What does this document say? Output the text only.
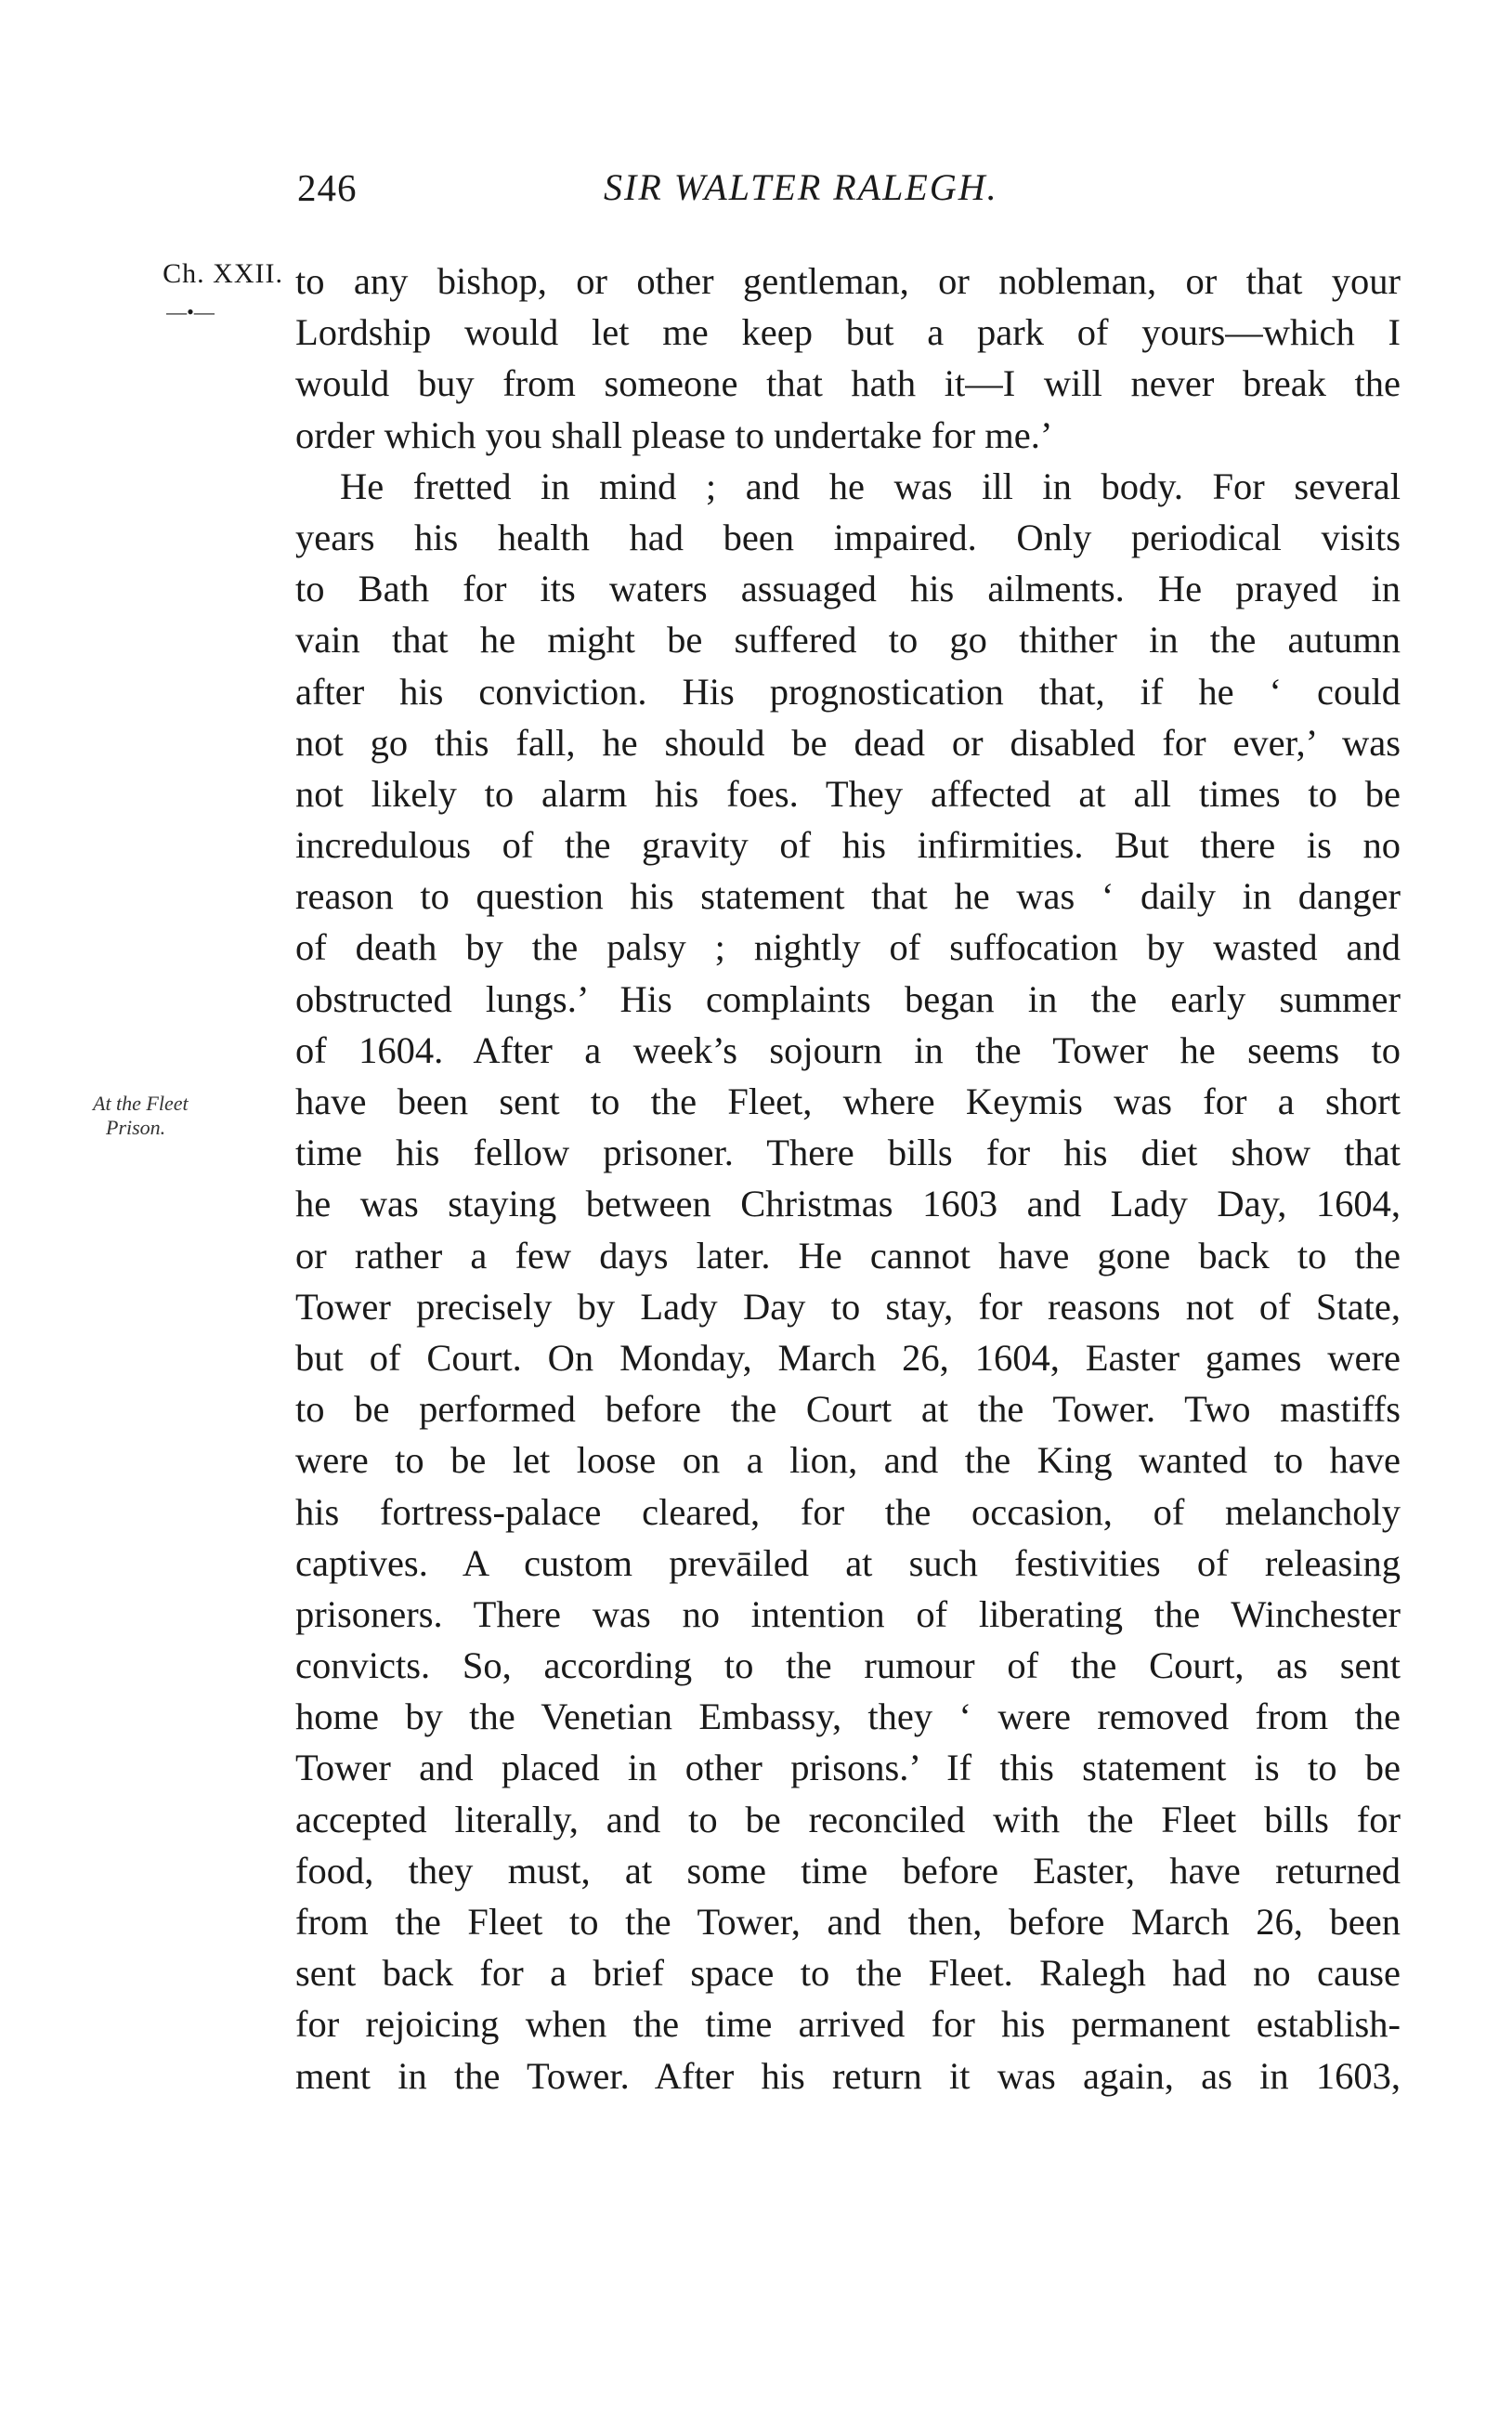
246	SIR WALTER RALEGH.
Ch. XXII.
—•—
At the Fleet
Prison.
to any bishop, or other gentleman, or nobleman, or that your
Lordship would let me keep but a park of yours—which I
would buy from someone that hath it—I will never break the
order which you shall please to undertake for me.’
He fretted in mind ; and he was ill in body. For several
years his health had been impaired. Only periodical visits
to Bath for its waters assuaged his ailments. He prayed in
vain that he might be suffered to go thither in the autumn
after his conviction. His prognostication that, if he ‘ could
not go this fall, he should be dead or disabled for ever,’ was
not likely to alarm his foes. They affected at all times to be
incredulous of the gravity of his infirmities. But there is no
reason to question his statement that he was ‘ daily in danger
of death by the palsy ; nightly of suffocation by wasted and
obstructed lungs.’ His complaints began in the early summer
of 1604. After a week’s sojourn in the Tower he seems to
have been sent to the Fleet, where Keymis was for a short
time his fellow prisoner. There bills for his diet show that
he was staying between Christmas 1603 and Lady Day, 1604,
or rather a few days later. He cannot have gone back to the
Tower precisely by Lady Day to stay, for reasons not of State,
but of Court. On Monday, March 26, 1604, Easter games were
to be performed before the Court at the Tower. Two mastiffs
were to be let loose on a lion, and the King wanted to have
his fortress-palace cleared, for the occasion, of melancholy
captives. A custom prevāiled at such festivities of releasing
prisoners. There was no intention of liberating the Winchester
convicts. So, according to the rumour of the Court, as sent
home by the Venetian Embassy, they ‘ were removed from the
Tower and placed in other prisons.’ If this statement is to be
accepted literally, and to be reconciled with the Fleet bills for
food, they must, at some time before Easter, have returned
from the Fleet to the Tower, and then, before March 26, been
sent back for a brief space to the Fleet. Ralegh had no cause
for rejoicing when the time arrived for his permanent establish-
ment in the Tower. After his return it was again, as in 1603,
